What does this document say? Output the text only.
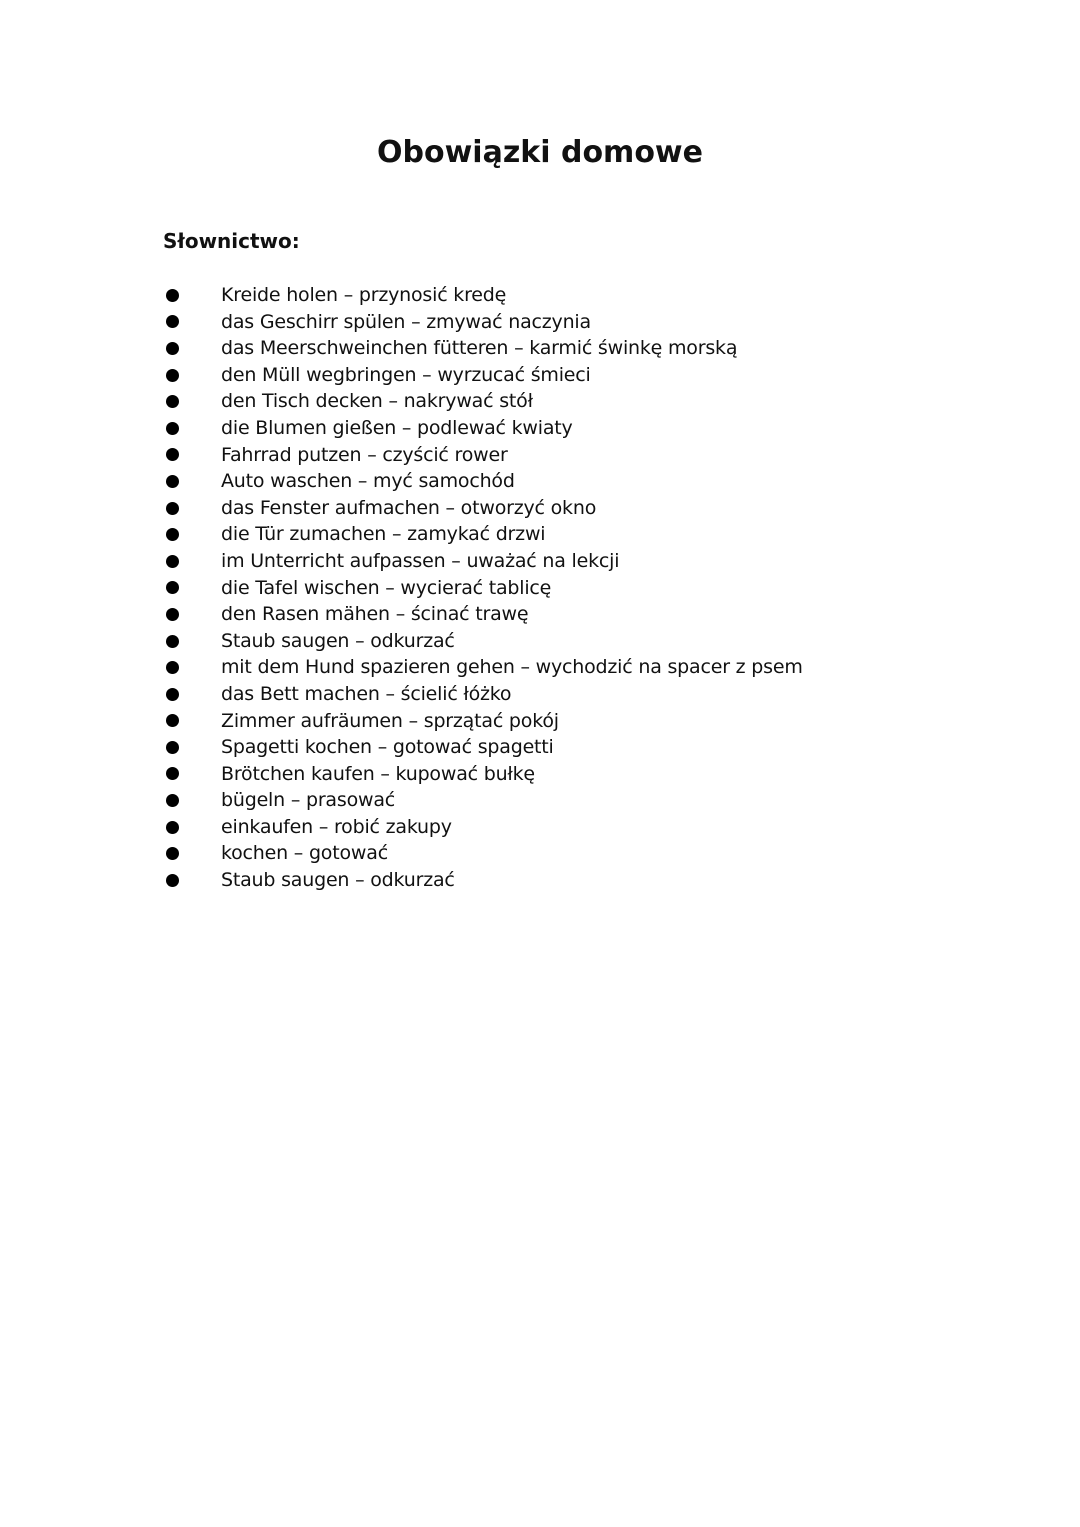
Obowiązki domowe
Słownictwo:
Kreide holen – przynosić kredę
das Geschirr spülen – zmywać naczynia
das Meerschweinchen fütteren – karmić świnkę morską
den Müll wegbringen – wyrzucać śmieci
den Tisch decken – nakrywać stół
die Blumen gießen – podlewać kwiaty
Fahrrad putzen – czyścić rower
Auto waschen – myć samochód
das Fenster aufmachen – otworzyć okno
die Tür zumachen – zamykać drzwi
im Unterricht aufpassen – uważać na lekcji
die Tafel wischen – wycierać tablicę
den Rasen mähen – ścinać trawę
Staub saugen – odkurzać
mit dem Hund spazieren gehen – wychodzić na spacer z psem
das Bett machen – ścielić łóżko
Zimmer aufräumen – sprzątać pokój
Spagetti kochen – gotować spagetti
Brötchen kaufen – kupować bułkę
bügeln – prasować
einkaufen – robić zakupy
kochen – gotować
Staub saugen – odkurzać
